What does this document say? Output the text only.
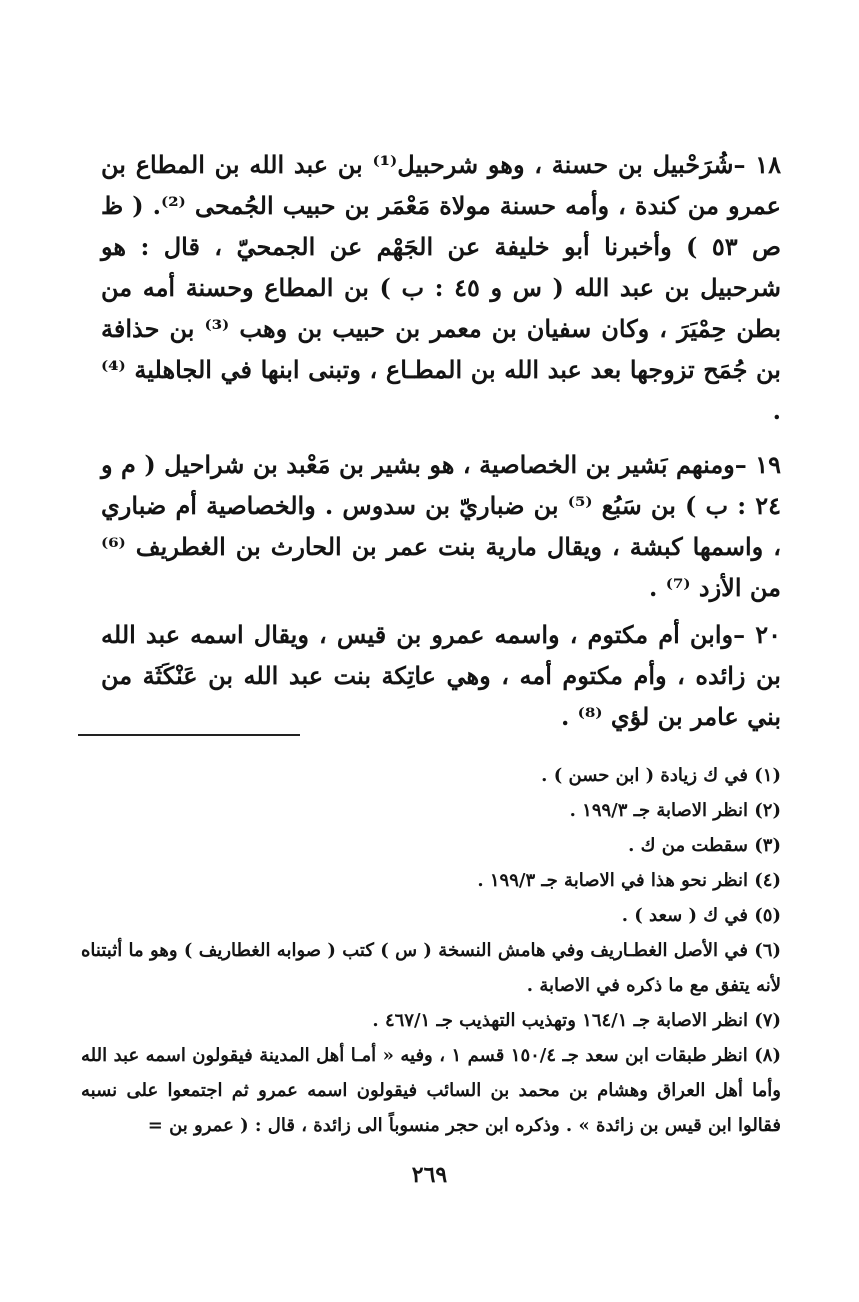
١٨ –شُرَحْبيل بن حسنة ، وهو شرحبيل⁽¹⁾ بن عبد الله بن المطاع بن عمرو من كندة ، وأمه حسنة مولاة مَعْمَر بن حبيب الجُمحى ⁽²⁾. ( ظ ص ٥٣ ) وأخبرنا أبو خليفة عن الجَهْم عن الجمحيّ ، قال : هو شرحبيل بن عبد الله ( س و ٤٥ : ب ) بن المطاع وحسنة أمه من بطن حِمْيَرَ ، وكان سفيان بن معمر بن حبيب بن وهب ⁽³⁾ بن حذافة بن جُمَح تزوجها بعد عبد الله بن المطـاع ، وتبنى ابنها في الجاهلية ⁽⁴⁾ .

١٩ –ومنهم بَشير بن الخصاصية ، هو بشير بن مَعْبد بن شراحيل ( م و ٢٤ : ب ) بن سَبُع ⁽⁵⁾ بن ضباريّ بن سدوس . والخصاصية أم ضباري ، واسمها كبشة ، ويقال مارية بنت عمر بن الحارث بن الغطريف ⁽⁶⁾ من الأزد ⁽⁷⁾ .

٢٠ –وابن أم مكتوم ، واسمه عمرو بن قيس ، ويقال اسمه عبد الله بن زائده ، وأم مكتوم أمه ، وهي عاتِكة بنت عبد الله بن عَنْكَثَة من بني عامر بن لؤي ⁽⁸⁾ .

(١) في ك زيادة ( ابن حسن ) .

(٢) انظر الاصابة جـ ١٩٩/٣ .

(٣) سقطت من ك .

(٤) انظر نحو هذا في الاصابة جـ ١٩٩/٣ .

(٥) في ك ( سعد ) .

(٦) في الأصل الغطـاريف وفي هامش النسخة ( س ) كتب ( صوابه الغطاريف ) وهو ما أثبتناه لأنه يتفق مع ما ذكره في الاصابة .

(٧) انظر الاصابة جـ ١٦٤/١ وتهذيب التهذيب جـ ٤٦٧/١ .

(٨) انظر طبقات ابن سعد جـ ١٥٠/٤ قسم ١ ، وفيه « أمـا أهل المدينة فيقولون اسمه عبد الله وأما أهل العراق وهشام بن محمد بن السائب فيقولون اسمه عمرو ثم اجتمعوا على نسبه فقالوا ابن قيس بن زائدة » . وذكره ابن حجر منسوباً الى زائدة ، قال : ( عمرو بن =

٢٦٩
